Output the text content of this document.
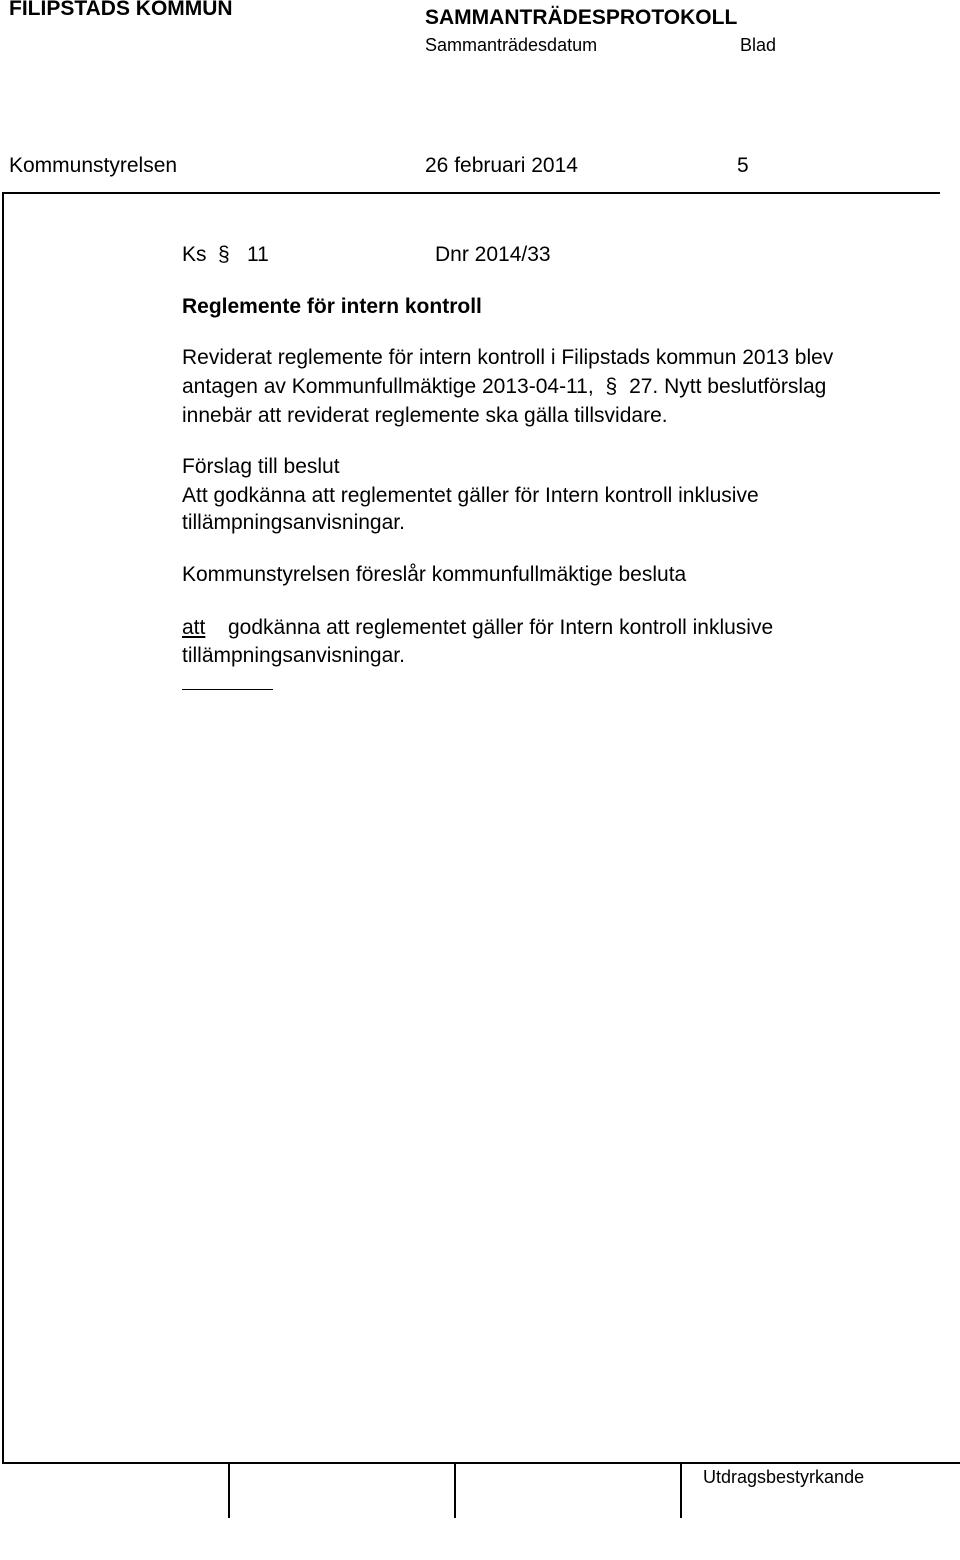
FILIPSTADS KOMMUN	SAMMANTRÄDESPROTOKOLL
Sammanträdesdatum	Blad
Kommunstyrelsen	26 februari 2014	5
Ks § 11	Dnr 2014/33
Reglemente för intern kontroll
Reviderat reglemente för intern kontroll i Filipstads kommun 2013 blev
antagen av Kommunfullmäktige 2013-04-11, § 27. Nytt beslutförslag
innebär att reviderat reglemente ska gälla tillsvidare.
Förslag till beslut
Att godkänna att reglementet gäller för Intern kontroll inklusive
tillämpningsanvisningar.
Kommunstyrelsen föreslår kommunfullmäktige besluta
att godkänna att reglementet gäller för Intern kontroll inklusive
tillämpningsanvisningar.
Utdragsbestyrkande
